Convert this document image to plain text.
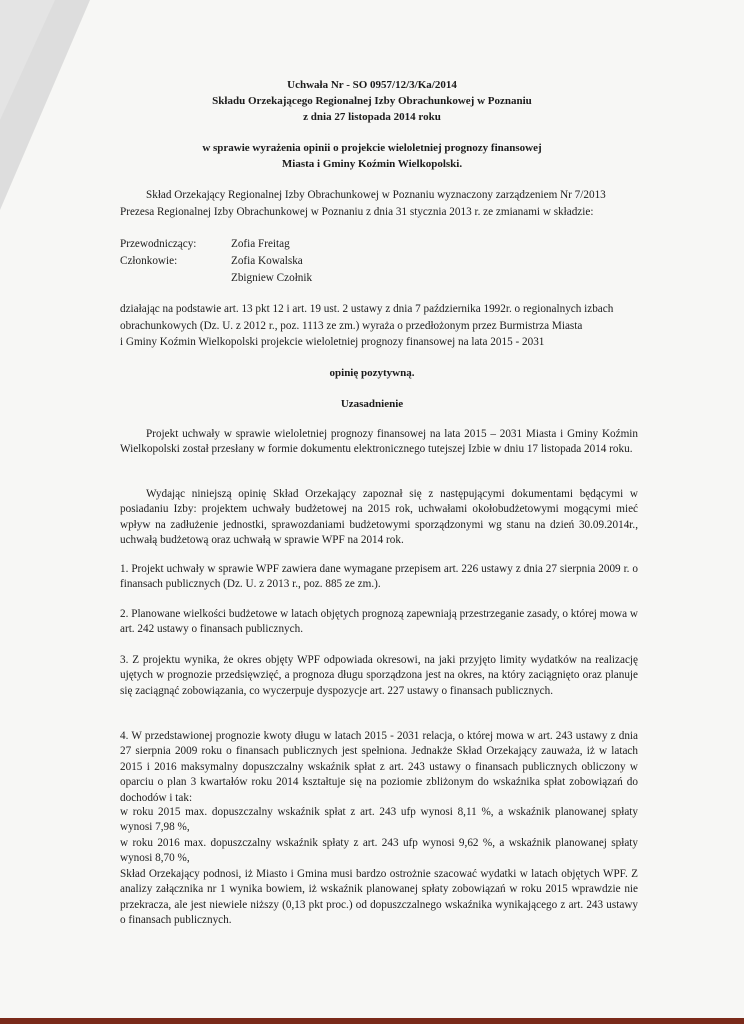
Uchwała Nr - SO 0957/12/3/Ka/2014
Składu Orzekającego Regionalnej Izby Obrachunkowej w Poznaniu
z dnia 27 listopada 2014 roku
w sprawie wyrażenia opinii o projekcie wieloletniej prognozy finansowej
Miasta i Gminy Koźmin Wielkopolski.
Skład Orzekający Regionalnej Izby Obrachunkowej w Poznaniu wyznaczony zarządzeniem Nr 7/2013
Prezesa Regionalnej Izby Obrachunkowej w Poznaniu z dnia 31 stycznia 2013 r. ze zmianami w składzie:
Przewodniczący:	Zofia Freitag
Członkowie:	Zofia Kowalska
Zbigniew Czołnik
działając na podstawie art. 13 pkt 12 i art. 19 ust. 2 ustawy z dnia 7 października 1992r. o regionalnych izbach
obrachunkowych (Dz. U. z 2012 r., poz. 1113 ze zm.) wyraża o przedłożonym przez Burmistrza Miasta
i Gminy Koźmin Wielkopolski projekcie wieloletniej prognozy finansowej na lata 2015 - 2031
opinię pozytywną.
Uzasadnienie
Projekt uchwały w sprawie wieloletniej prognozy finansowej na lata 2015 – 2031 Miasta i Gminy Koźmin Wielkopolski został przesłany w formie dokumentu elektronicznego tutejszej Izbie w dniu 17 listopada 2014 roku.
Wydając niniejszą opinię Skład Orzekający zapoznał się z następującymi dokumentami będącymi w posiadaniu Izby: projektem uchwały budżetowej na 2015 rok, uchwałami okołobudżetowymi mogącymi mieć wpływ na zadłużenie jednostki, sprawozdaniami budżetowymi sporządzonymi wg stanu na dzień 30.09.2014r., uchwałą budżetową oraz uchwałą w sprawie WPF na 2014 rok.
1. Projekt uchwały w sprawie WPF zawiera dane wymagane przepisem art. 226 ustawy z dnia 27 sierpnia 2009 r. o finansach publicznych (Dz. U. z 2013 r., poz. 885 ze zm.).
2. Planowane wielkości budżetowe w latach objętych prognozą zapewniają przestrzeganie zasady, o której mowa w art. 242 ustawy o finansach publicznych.
3. Z projektu wynika, że okres objęty WPF odpowiada okresowi, na jaki przyjęto limity wydatków na realizację ujętych w prognozie przedsięwzięć, a prognoza długu sporządzona jest na okres, na który zaciągnięto oraz planuje się zaciągnąć zobowiązania, co wyczerpuje dyspozycje art. 227 ustawy o finansach publicznych.
4. W przedstawionej prognozie kwoty długu w latach 2015 - 2031 relacja, o której mowa w art. 243 ustawy z dnia 27 sierpnia 2009 roku o finansach publicznych jest spełniona. Jednakże Skład Orzekający zauważa, iż w latach 2015 i 2016 maksymalny dopuszczalny wskaźnik spłat z art. 243 ustawy o finansach publicznych obliczony w oparciu o plan 3 kwartałów roku 2014 kształtuje się na poziomie zbliżonym do wskaźnika spłat zobowiązań do dochodów i tak:
w roku 2015 max. dopuszczalny wskaźnik spłat z art. 243 ufp wynosi 8,11 %, a wskaźnik planowanej spłaty wynosi 7,98 %,
w roku 2016 max. dopuszczalny wskaźnik spłaty z art. 243 ufp wynosi 9,62 %, a wskaźnik planowanej spłaty wynosi 8,70 %,
Skład Orzekający podnosi, iż Miasto i Gmina musi bardzo ostrożnie szacować wydatki w latach objętych WPF. Z analizy załącznika nr 1 wynika bowiem, iż wskaźnik planowanej spłaty zobowiązań w roku 2015 wprawdzie nie przekracza, ale jest niewiele niższy (0,13 pkt proc.) od dopuszczalnego wskaźnika wynikającego z art. 243 ustawy o finansach publicznych.
